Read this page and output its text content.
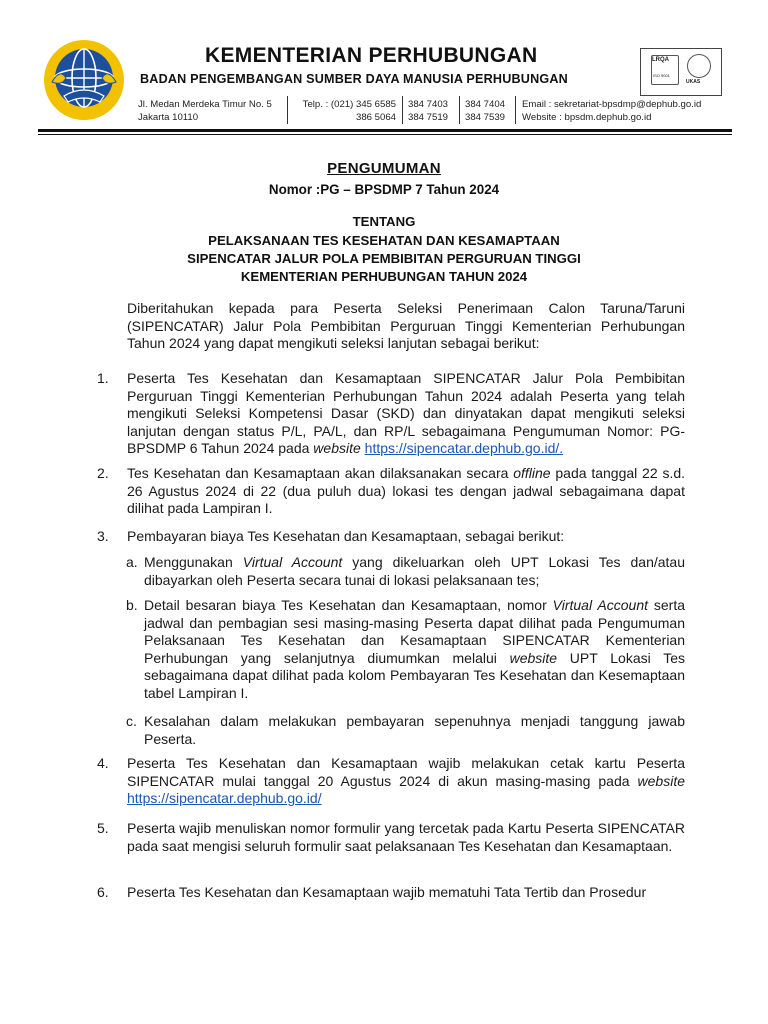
KEMENTERIAN PERHUBUNGAN
BADAN PENGEMBANGAN SUMBER DAYA MANUSIA PERHUBUNGAN
LRQA
ISO 9001
UKAS
Jl. Medan Merdeka Timur No. 5
Jakarta 10110
Telp. : (021) 345 6585
386 5064
384 7403
384 7519
384 7404
384 7539
Email : sekretariat-bpsdmp@dephub.go.id
Website : bpsdm.dephub.go.id
PENGUMUMAN
Nomor :PG – BPSDMP 7 Tahun 2024
TENTANG
PELAKSANAAN TES KESEHATAN DAN KESAMAPTAAN
SIPENCATAR JALUR POLA PEMBIBITAN PERGURUAN TINGGI
KEMENTERIAN PERHUBUNGAN TAHUN 2024
Diberitahukan kepada para Peserta Seleksi Penerimaan Calon Taruna/Taruni (SIPENCATAR) Jalur Pola Pembibitan Perguruan Tinggi Kementerian Perhubungan Tahun 2024 yang dapat mengikuti seleksi lanjutan sebagai berikut:
1. Peserta Tes Kesehatan dan Kesamaptaan SIPENCATAR Jalur Pola Pembibitan Perguruan Tinggi Kementerian Perhubungan Tahun 2024 adalah Peserta yang telah mengikuti Seleksi Kompetensi Dasar (SKD) dan dinyatakan dapat mengikuti seleksi lanjutan dengan status P/L, PA/L, dan RP/L sebagaimana Pengumuman Nomor: PG-BPSDMP 6 Tahun 2024 pada website https://sipencatar.dephub.go.id/.
2. Tes Kesehatan dan Kesamaptaan akan dilaksanakan secara offline pada tanggal 22 s.d. 26 Agustus 2024 di 22 (dua puluh dua) lokasi tes dengan jadwal sebagaimana dapat dilihat pada Lampiran I.
3. Pembayaran biaya Tes Kesehatan dan Kesamaptaan, sebagai berikut:
a. Menggunakan Virtual Account yang dikeluarkan oleh UPT Lokasi Tes dan/atau dibayarkan oleh Peserta secara tunai di lokasi pelaksanaan tes;
b. Detail besaran biaya Tes Kesehatan dan Kesamaptaan, nomor Virtual Account serta jadwal dan pembagian sesi masing-masing Peserta dapat dilihat pada Pengumuman Pelaksanaan Tes Kesehatan dan Kesamaptaan SIPENCATAR Kementerian Perhubungan yang selanjutnya diumumkan melalui website UPT Lokasi Tes sebagaimana dapat dilihat pada kolom Pembayaran Tes Kesehatan dan Kesemaptaan tabel Lampiran I.
c. Kesalahan dalam melakukan pembayaran sepenuhnya menjadi tanggung jawab Peserta.
4. Peserta Tes Kesehatan dan Kesamaptaan wajib melakukan cetak kartu Peserta SIPENCATAR mulai tanggal 20 Agustus 2024 di akun masing-masing pada website https://sipencatar.dephub.go.id/
5. Peserta wajib menuliskan nomor formulir yang tercetak pada Kartu Peserta SIPENCATAR pada saat mengisi seluruh formulir saat pelaksanaan Tes Kesehatan dan Kesamaptaan.
6. Peserta Tes Kesehatan dan Kesamaptaan wajib mematuhi Tata Tertib dan Prosedur
